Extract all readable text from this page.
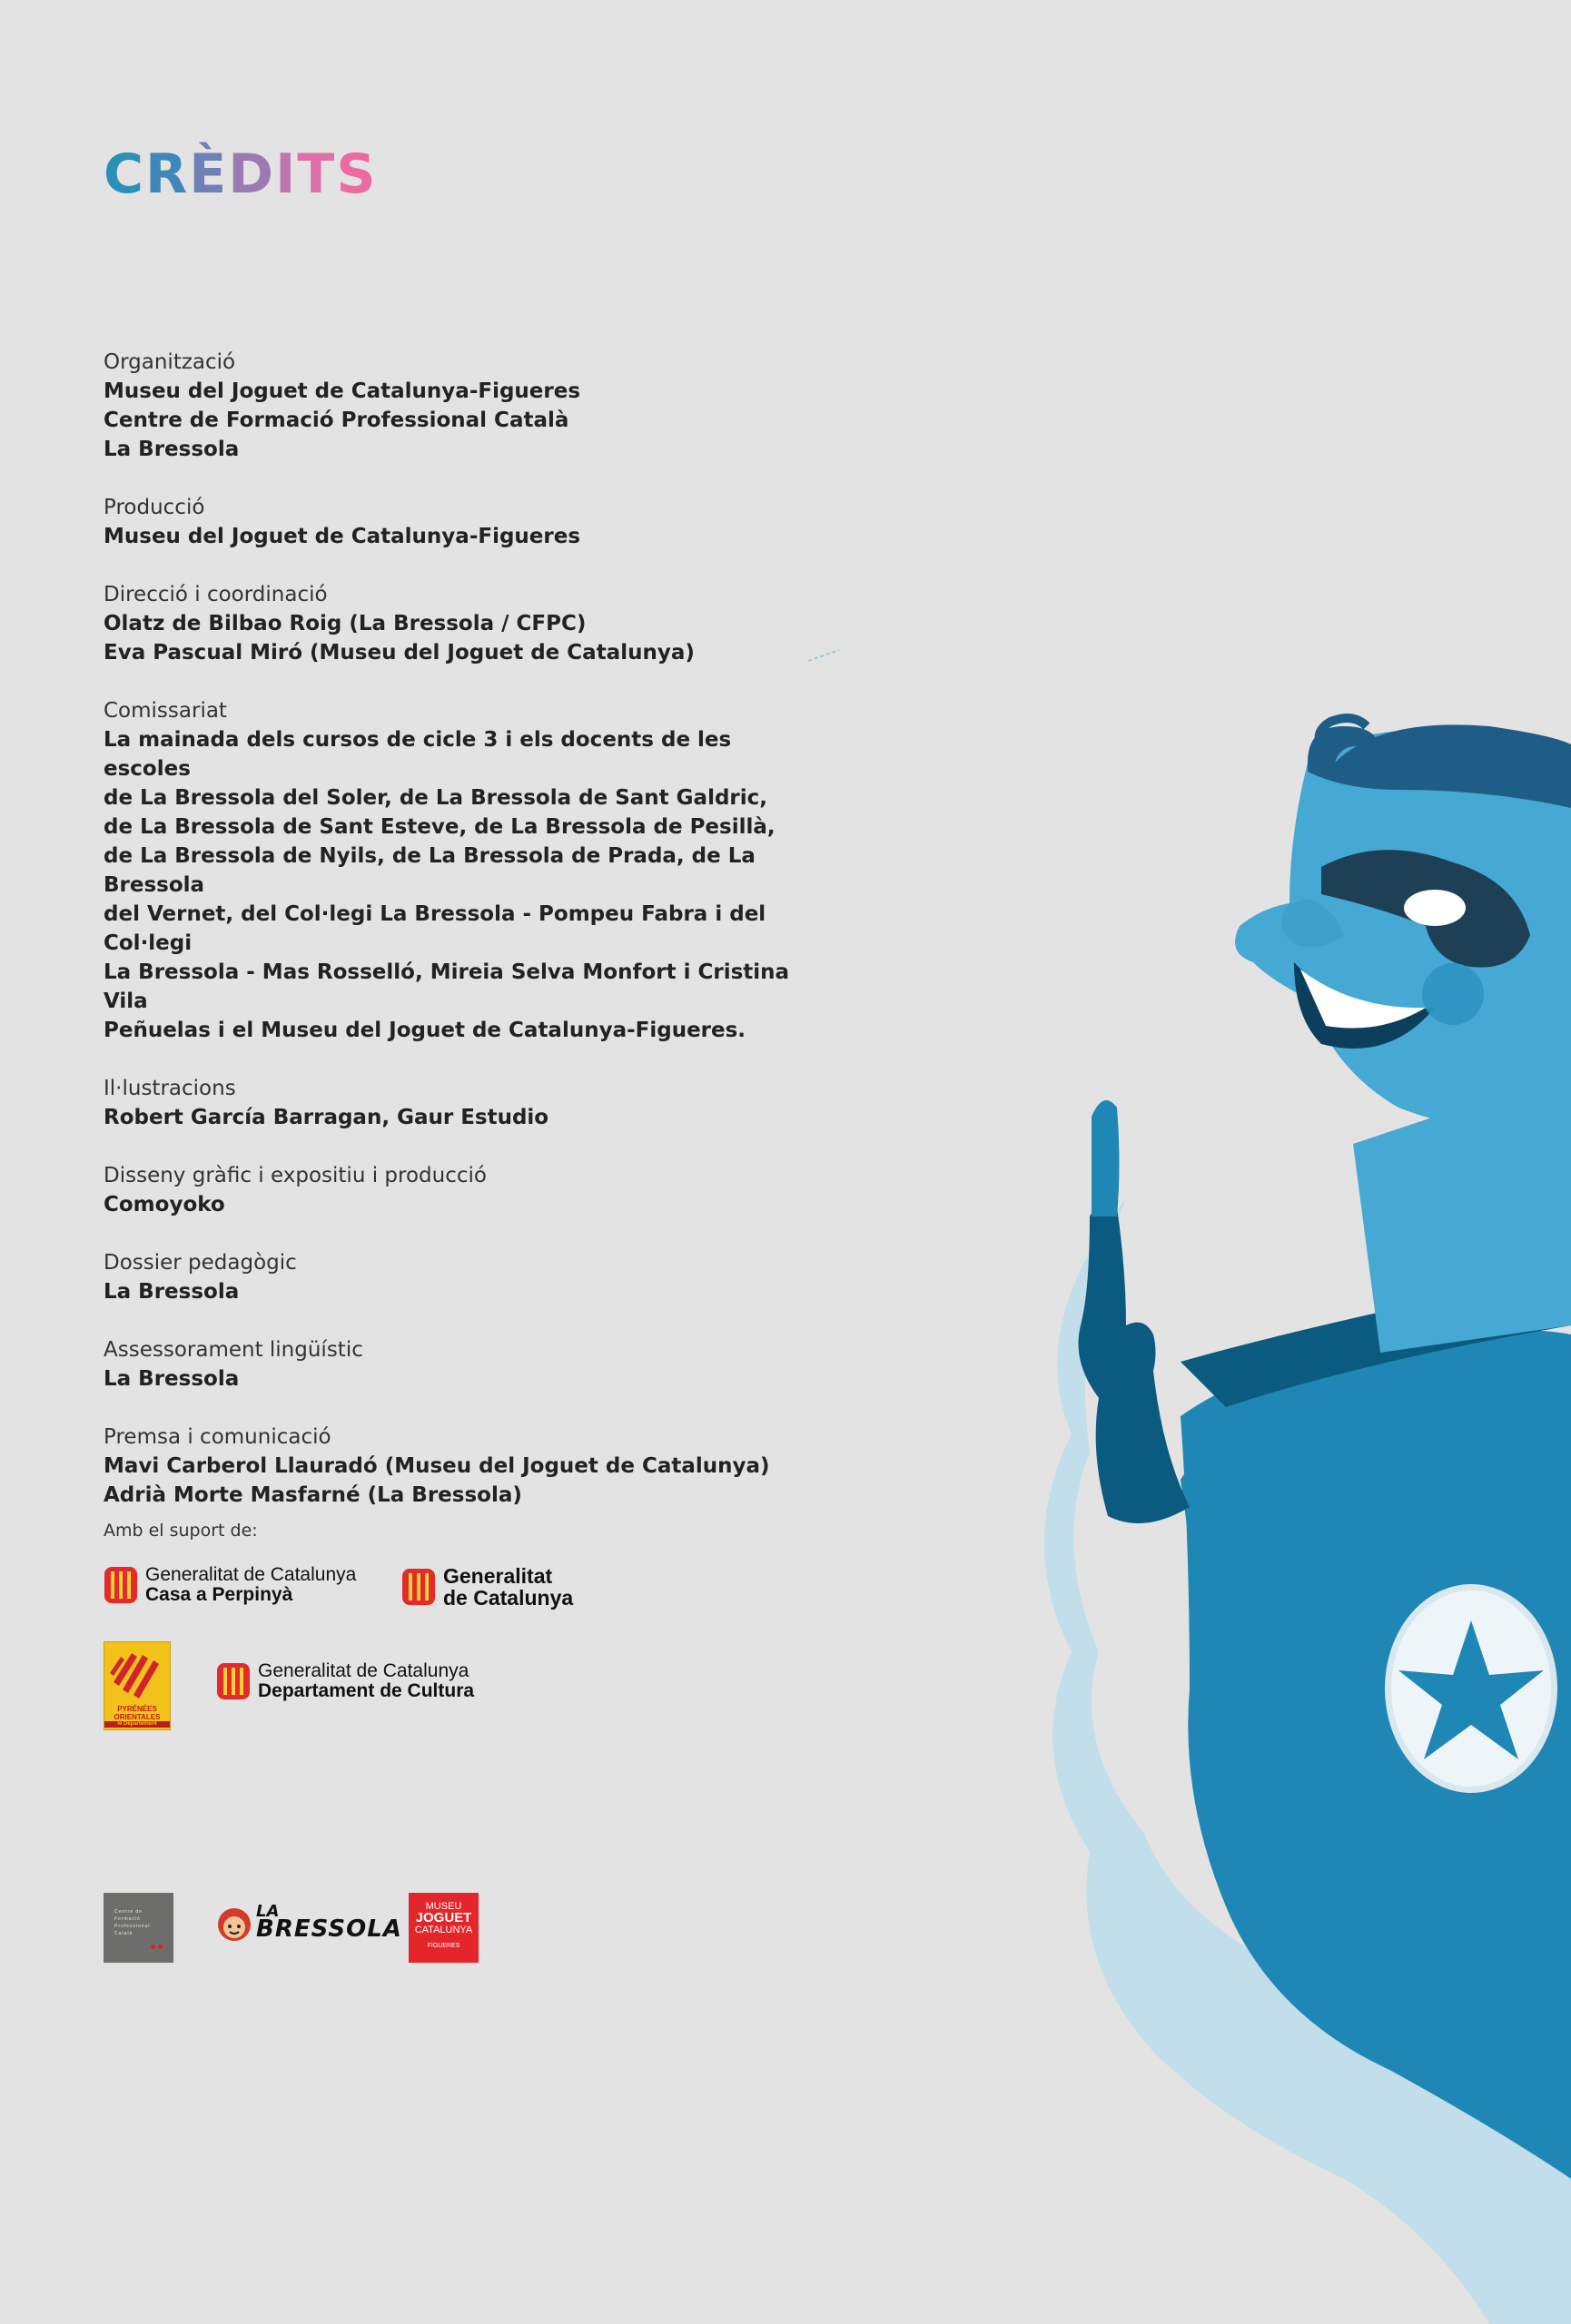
CRÈDITS
Organització
Museu del Joguet de Catalunya-Figueres
Centre de Formació Professional Català
La Bressola
Producció
Museu del Joguet de Catalunya-Figueres
Direcció i coordinació
Olatz de Bilbao Roig (La Bressola / CFPC)
Eva Pascual Miró (Museu del Joguet de Catalunya)
Comissariat
La mainada dels cursos de cicle 3 i els docents de les escoles
de La Bressola del Soler, de La Bressola de Sant Galdric,
de La Bressola de Sant Esteve, de La Bressola de Pesillà,
de La Bressola de Nyils, de La Bressola de Prada, de La Bressola
del Vernet, del Col·legi La Bressola - Pompeu Fabra i del Col·legi
La Bressola - Mas Rosselló, Mireia Selva Monfort i Cristina Vila
Peñuelas i el Museu del Joguet de Catalunya-Figueres.
Il·lustracions
Robert García Barragan, Gaur Estudio
Disseny gràfic i expositiu i producció
Comoyoko
Dossier pedagògic
La Bressola
Assessorament lingüístic
La Bressola
Premsa i comunicació
Mavi Carberol Llauradó (Museu del Joguet de Catalunya)
Adrià Morte Masfarné (La Bressola)
Amb el suport de:
Generalitat de Catalunya
Casa a Perpinyà
Generalitat
de Catalunya
PYRÉNÉES
ORIENTALES
le Département
Generalitat de Catalunya
Departament de Cultura
Centre de
Formació
Professional
Català
LA
BRESSOLA
MUSEU
JOGUET
CATALUNYA
FIGUERES
